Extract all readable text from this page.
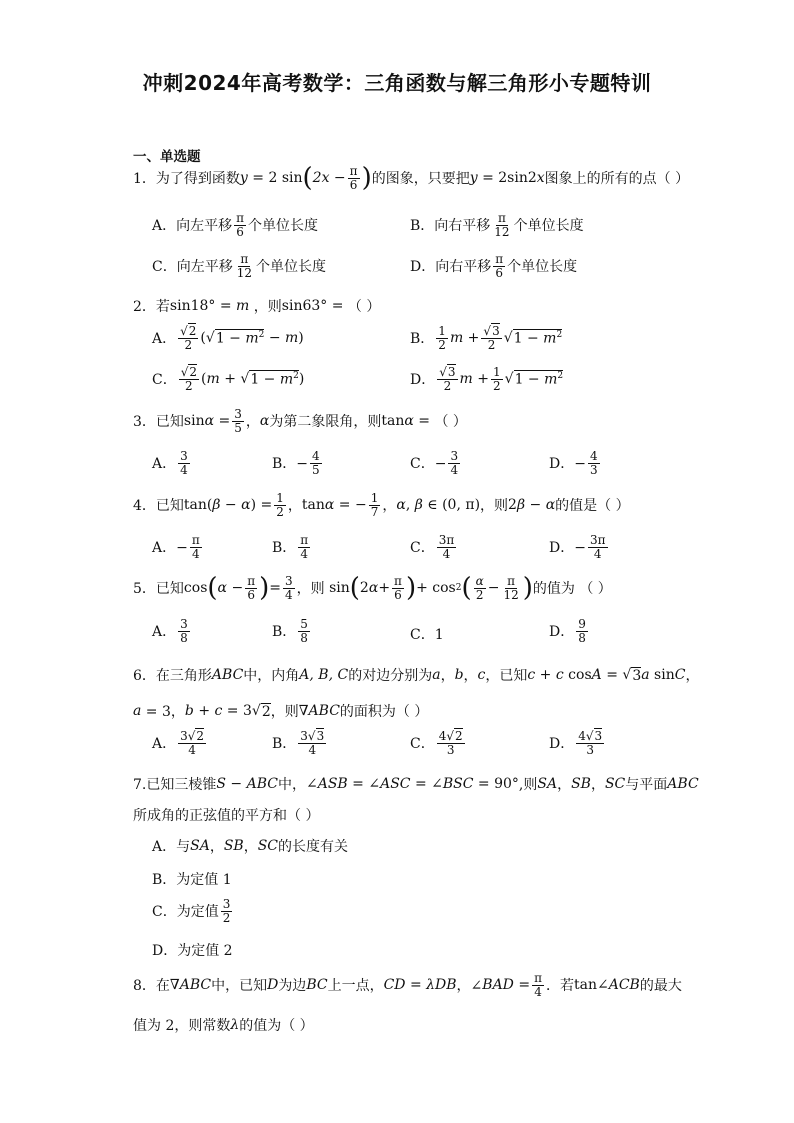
冲刺2024年高考数学：三角函数与解三角形小专题特训
一、单选题
1． 为了得到函数 y = 2 sin ( $2x - \frac{\pi}{6}$ ) 的图象，只要把 y = 2sin2 x 图象上的所有的点（ ）
A．向左平移 $\frac{\pi}{6}$ 个单位长度	B．向右平移 $\frac{\pi}{12}$ 个单位长度
C．向左平移 $\frac{\pi}{12}$ 个单位长度	D．向右平移 $\frac{\pi}{6}$ 个单位长度
2． 若 sin18° = m
，则 sin63° = （ ）
A． $\frac{√2}{2}$ (√ $1 - m^2 - m$ )	B． $\frac{1}{2}$ $m + \frac{√3}{2}$ √ $1 - m^2$
C． $\frac{√2}{2}$ ( m + √ $1 - m^2$ )	D． $\frac{√3}{2}$ $m + \frac{1}{2}$ √ $1 - m^2$
3． 已知 $\sin \alpha = \frac{3}{5}$ ， α 为第二象限角，则 tan α = （ ）
A． $\frac{3}{4}$	B．− $\frac{4}{5}$	C．− $\frac{3}{4}$	D．− $\frac{4}{3}$
4． 已知 tan( β − α ) = $\frac{1}{2}$ ， tan α = − $\frac{1}{7}$ ， α , β ∈ (0, π) ，则 2 β − α 的值是（ ）
A．− $\frac{\pi}{4}$	B． $\frac{\pi}{4}$	C． $\frac{3\pi}{4}$	D．− $\frac{3\pi}{4}$
5． 已知 cos ( $\alpha - \frac{\pi}{6}$ ) = $\frac{3}{4}$ ，则 sin ( 2 $\alpha + \frac{\pi}{6}$ ) + cos 2 ( $\frac{\alpha}{2} - \frac{\pi}{12}$ ) 的值为 （ ）
A． $\frac{3}{8}$	B． $\frac{5}{8}$	C．1	D． $\frac{9}{8}$
6． 在三角形 ABC 中，内角 A, B, C 的对边分别为 a ， b ， c ，已知 c + c cos A = √ 3 a sin C ，
a = 3， b + c = 3√ 2 ，则 ∇ ABC 的面积为（ ）
A． $\frac{3√2}{4}$	B． $\frac{3√3}{4}$	C． $\frac{4√2}{3}$	D． $\frac{4√3}{3}$
7.已知三棱锥 S − ABC 中， ∠ ASB = ∠ ASC = ∠ BSC = 90° ,则 SA ， SB ， SC 与平面 ABC
所成角的正弦值的平方和（ ）
A．与 SA ， SB ， SC 的长度有关
B．为定值 1
C．为定值 $\frac{3}{2}$
D．为定值 2
8． 在 ∇ ABC 中，已知 D 为边 BC 上一点， CD = λDB ，∠ BAD = $\frac{\pi}{4}$ ．若 tan∠ ACB 的最大
值为 2，则常数 λ 的值为（ ）
